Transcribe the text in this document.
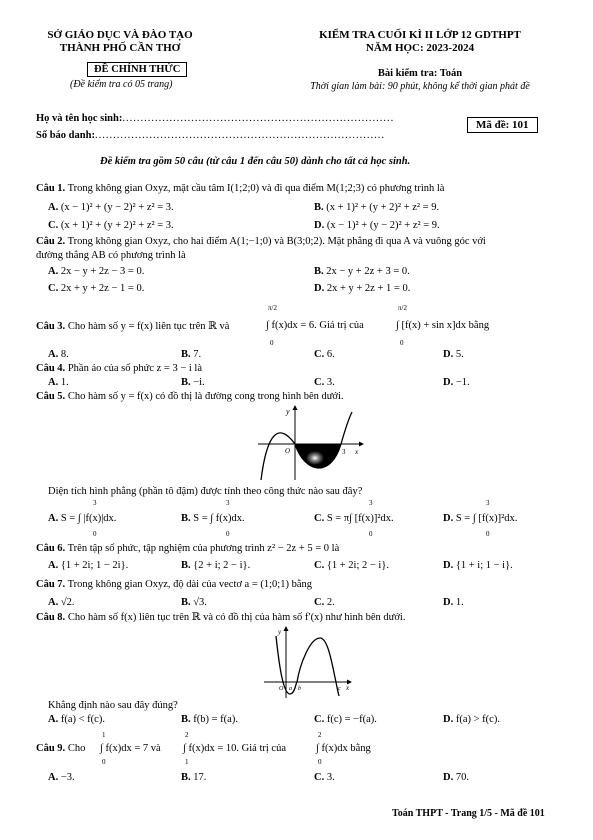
SỞ GIÁO DỤC VÀ ĐÀO TẠO
THÀNH PHỐ CẦN THƠ
ĐỀ CHÍNH THỨC
(Đề kiểm tra có 05 trang)
KIỂM TRA CUỐI KÌ II LỚP 12 GDTHPT
NĂM HỌC: 2023-2024
Bài kiểm tra: Toán
Thời gian làm bài: 90 phút, không kể thời gian phát đề
Họ và tên học sinh:...........................................................................
Số báo danh:................................................................................
Mã đề: 101
Đề kiểm tra gồm 50 câu (từ câu 1 đến câu 50) dành cho tất cả học sinh.
Câu 1. Trong không gian Oxyz, mặt cầu tâm I(1;2;0) và đi qua điểm M(1;2;3) có phương trình là
A. (x − 1)² + (y − 2)² + z² = 3.	B. (x + 1)² + (y + 2)² + z² = 9.
C. (x + 1)² + (y + 2)² + z² = 3.	D. (x − 1)² + (y − 2)² + z² = 9.
Câu 2. Trong không gian Oxyz, cho hai điểm A(1;−1;0) và B(3;0;2). Mặt phẳng đi qua A và vuông góc với
đường thẳng AB có phương trình là
A. 2x − y + 2z − 3 = 0.	B. 2x − y + 2z + 3 = 0.
C. 2x + y + 2z − 1 = 0.	D. 2x + y + 2z + 1 = 0.
Câu 3. Cho hàm số y = f(x) liên tục trên ℝ và
π/2
0
∫ f(x)dx = 6. Giá trị của
π/2
0
∫ [f(x) + sin x]dx bằng
A. 8.	B. 7.	C. 6.	D. 5.
Câu 4. Phần ảo của số phức z = 3 − i là
A. 1.	B. −i.	C. 3.	D. −1.
Câu 5. Cho hàm số y = f(x) có đồ thị là đường cong trong hình bên dưới.
y
O	3 x
Diện tích hình phẳng (phần tô đậm) được tính theo công thức nào sau đây?
3
0
A. S = ∫ |f(x)|dx.
3
0
B. S = ∫ f(x)dx.
3
0
C. S = π∫ [f(x)]²dx.
3
0
D. S = ∫ [f(x)]²dx.
Câu 6. Trên tập số phức, tập nghiệm của phương trình z² − 2z + 5 = 0 là
A. {1 + 2i; 1 − 2i}.	B. {2 + i; 2 − i}.	C. {1 + 2i; 2 − i}.	D. {1 + i; 1 − i}.
Câu 7. Trong không gian Oxyz, độ dài của vectơ a = (1;0;1) bằng
A. √2.	B. √3.	C. 2.	D. 1.
Câu 8. Cho hàm số f(x) liên tục trên ℝ và có đồ thị của hàm số f′(x) như hình bên dưới.
y
O a b	c x
Khẳng định nào sau đây đúng?
A. f(a) < f(c).	B. f(b) = f(a).	C. f(c) = −f(a).	D. f(a) > f(c).
Câu 9. Cho
1
0
∫ f(x)dx = 7 và
2
1
∫ f(x)dx = 10. Giá trị của
2
0
∫ f(x)dx bằng
A. −3.	B. 17.	C. 3.	D. 70.
Toán THPT - Trang 1/5 - Mã đề 101
